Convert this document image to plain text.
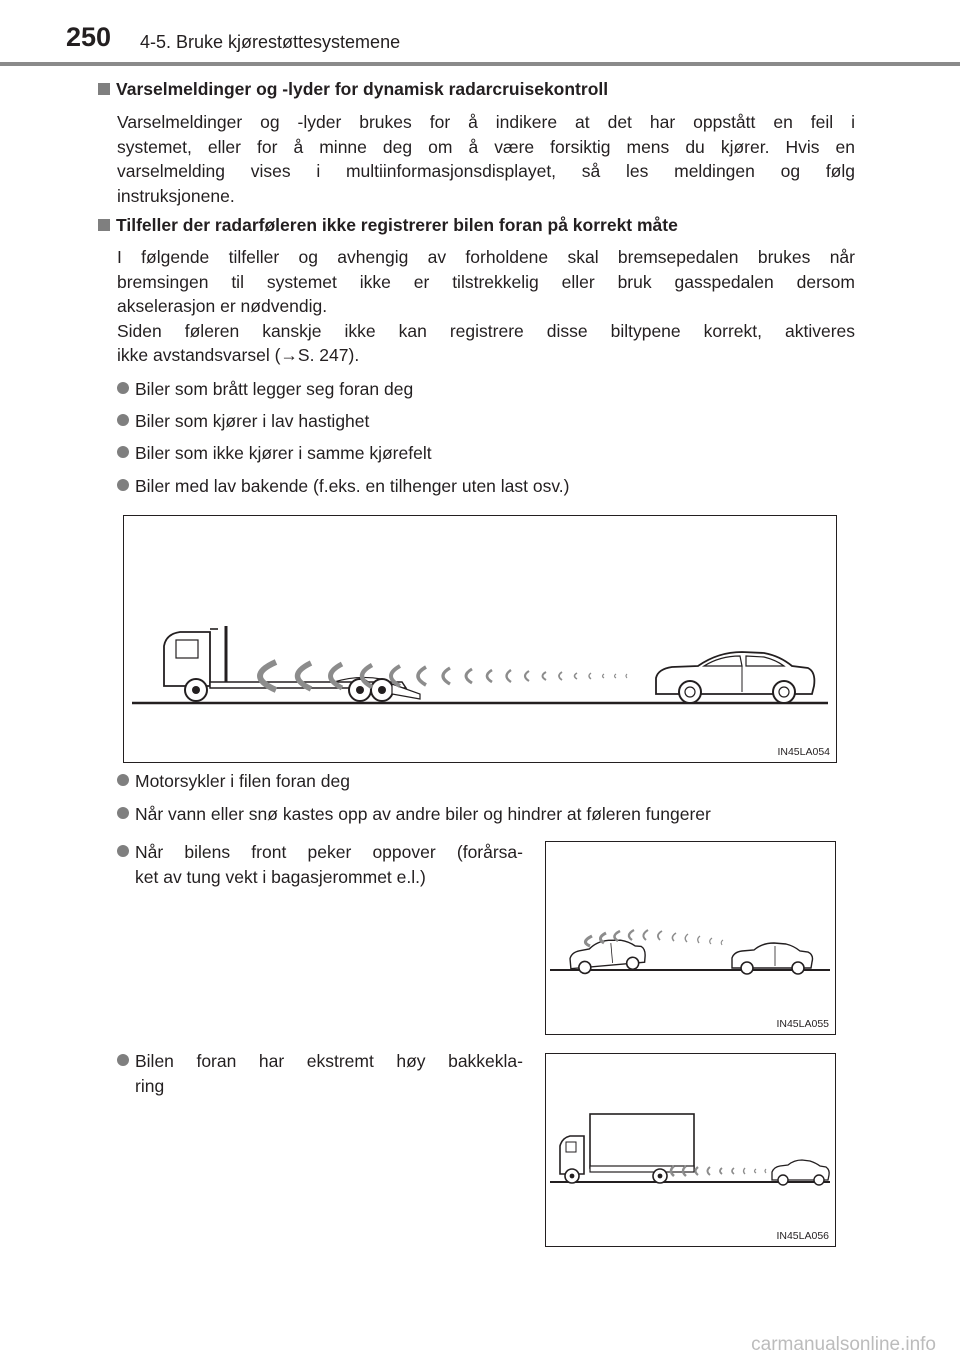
250 4-5. Bruke kjørestøttesystemene
Varselmeldinger og -lyder for dynamisk radarcruisekontroll
Varselmeldinger og -lyder brukes for å indikere at det har oppstått en feil i
systemet, eller for å minne deg om å være forsiktig mens du kjører. Hvis en
varselmelding vises i multiinformasjonsdisplayet, så les meldingen og følg
instruksjonene.
Tilfeller der radarføleren ikke registrerer bilen foran på korrekt måte
I følgende tilfeller og avhengig av forholdene skal bremsepedalen brukes når
bremsingen til systemet ikke er tilstrekkelig eller bruk gasspedalen dersom
akselerasjon er nødvendig.
Siden føleren kanskje ikke kan registrere disse biltypene korrekt, aktiveres
ikke avstandsvarsel (→S. 247).
Biler som brått legger seg foran deg
Biler som kjører i lav hastighet
Biler som ikke kjører i samme kjørefelt
Biler med lav bakende (f.eks. en tilhenger uten last osv.)
IN45LA054
Motorsykler i filen foran deg
Når vann eller snø kastes opp av andre biler og hindrer at føleren fungerer
Når bilens front peker oppover (forårsa-
ket av tung vekt i bagasjerommet e.l.)
IN45LA055
Bilen foran har ekstremt høy bakkekla-
ring
IN45LA056
carmanualsonline.info
